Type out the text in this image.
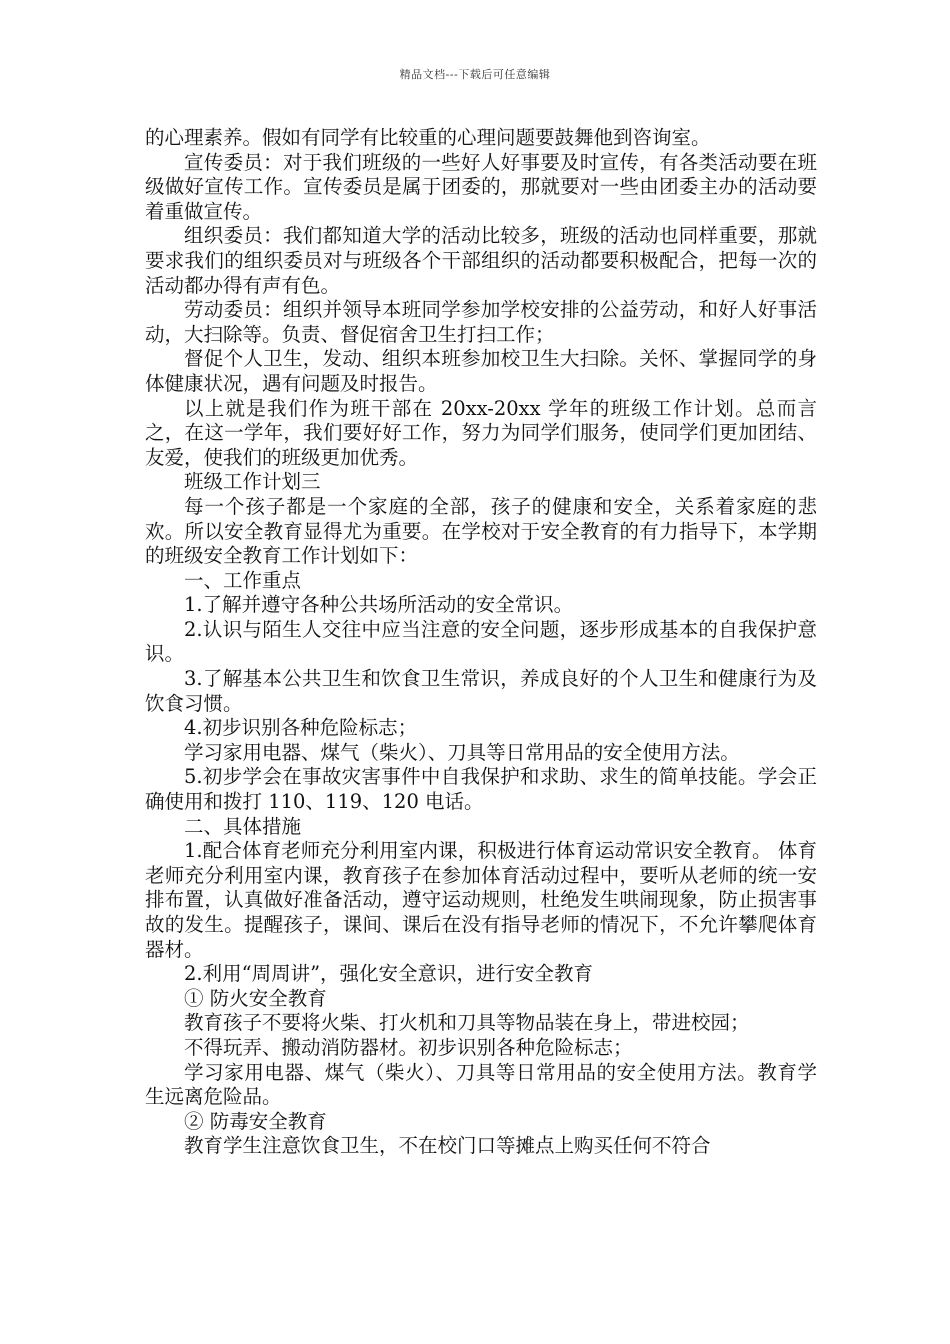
精品文档---下载后可任意编辑

的心理素养。假如有同学有比较重的心理问题要鼓舞他到咨询室。

宣传委员：对于我们班级的一些好人好事要及时宣传，有各类活动要在班级做好宣传工作。宣传委员是属于团委的，那就要对一些由团委主办的活动要着重做宣传。

组织委员：我们都知道大学的活动比较多，班级的活动也同样重要，那就要求我们的组织委员对与班级各个干部组织的活动都要积极配合，把每一次的活动都办得有声有色。

劳动委员：组织并领导本班同学参加学校安排的公益劳动，和好人好事活动，大扫除等。负责、督促宿舍卫生打扫工作；

督促个人卫生，发动、组织本班参加校卫生大扫除。关怀、掌握同学的身体健康状况，遇有问题及时报告。

以上就是我们作为班干部在 20xx-20xx 学年的班级工作计划。总而言之，在这一学年，我们要好好工作，努力为同学们服务，使同学们更加团结、友爱，使我们的班级更加优秀。

班级工作计划三

每一个孩子都是一个家庭的全部，孩子的健康和安全，关系着家庭的悲欢。所以安全教育显得尤为重要。在学校对于安全教育的有力指导下，本学期的班级安全教育工作计划如下：

一、工作重点

1.了解并遵守各种公共场所活动的安全常识。

2.认识与陌生人交往中应当注意的安全问题，逐步形成基本的自我保护意识。

3.了解基本公共卫生和饮食卫生常识，养成良好的个人卫生和健康行为及饮食习惯。

4.初步识别各种危险标志；

学习家用电器、煤气（柴火）、刀具等日常用品的安全使用方法。

5.初步学会在事故灾害事件中自我保护和求助、求生的简单技能。学会正确使用和拨打 110、119、120 电话。

二、具体措施

1.配合体育老师充分利用室内课，积极进行体育运动常识安全教育。 体育老师充分利用室内课，教育孩子在参加体育活动过程中，要听从老师的统一安排布置，认真做好准备活动，遵守运动规则，杜绝发生哄闹现象，防止损害事故的发生。提醒孩子，课间、课后在没有指导老师的情况下，不允许攀爬体育器材。

2.利用“周周讲”，强化安全意识，进行安全教育

① 防火安全教育

教育孩子不要将火柴、打火机和刀具等物品装在身上，带进校园；

不得玩弄、搬动消防器材。初步识别各种危险标志；

学习家用电器、煤气（柴火）、刀具等日常用品的安全使用方法。教育学生远离危险品。

② 防毒安全教育

教育学生注意饮食卫生，不在校门口等摊点上购买任何不符合
